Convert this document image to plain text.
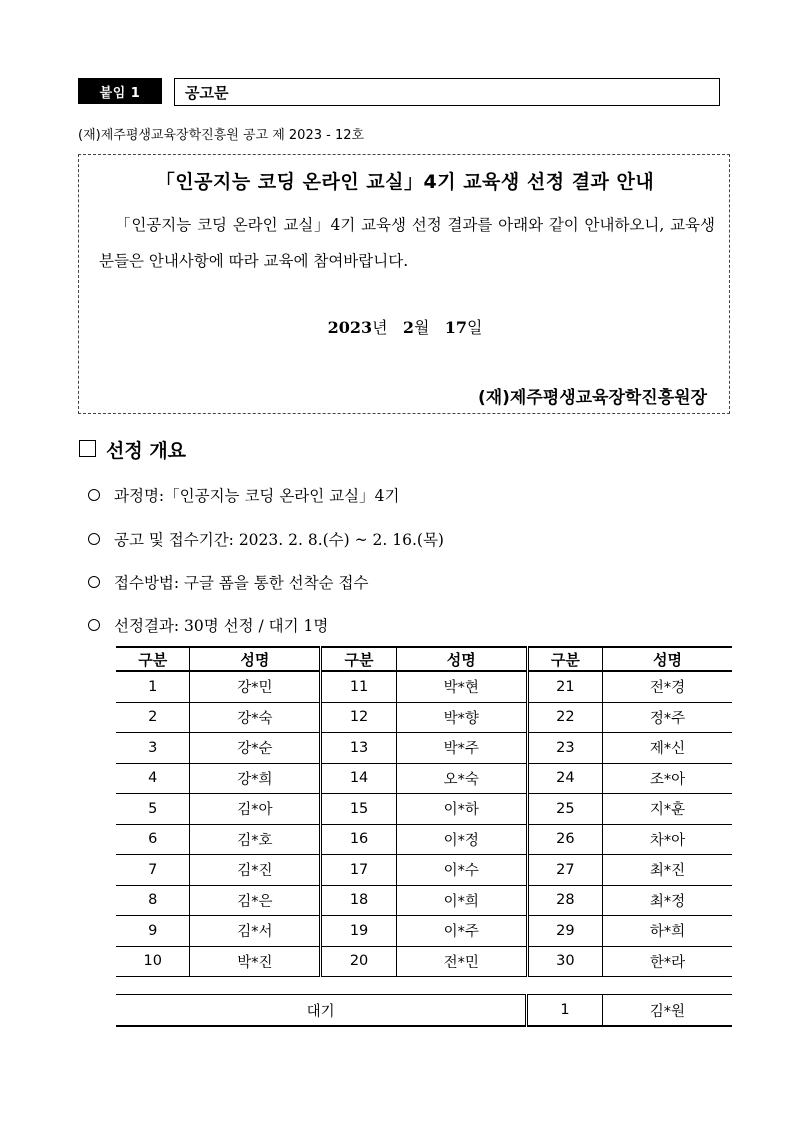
붙임 1	공고문
(재)제주평생교육장학진흥원 공고 제 2023 - 12호
「인공지능 코딩 온라인 교실」4기 교육생 선정 결과 안내
「인공지능 코딩 온라인 교실」4기 교육생 선정 결과를 아래와 같이 안내하오니, 교육생분들은 안내사항에 따라 교육에 참여바랍니다.
2023년 2월 17일
(재)제주평생교육장학진흥원장
선정 개요
과정명:「인공지능 코딩 온라인 교실」4기
공고 및 접수기간: 2023. 2. 8.(수) ~ 2. 16.(목)
접수방법: 구글 폼을 통한 선착순 접수
선정결과: 30명 선정 / 대기 1명
구분	성명	구분	성명	구분	성명
1	강*민	11	박*현	21	전*경
2	강*숙	12	박*향	22	정*주
3	강*순	13	박*주	23	제*신
4	강*희	14	오*숙	24	조*아
5	김*아	15	이*하	25	지*훈
6	김*호	16	이*정	26	차*아
7	김*진	17	이*수	27	최*진
8	김*은	18	이*희	28	최*정
9	김*서	19	이*주	29	하*희
10	박*진	20	전*민	30	한*라
대기	1	김*원
